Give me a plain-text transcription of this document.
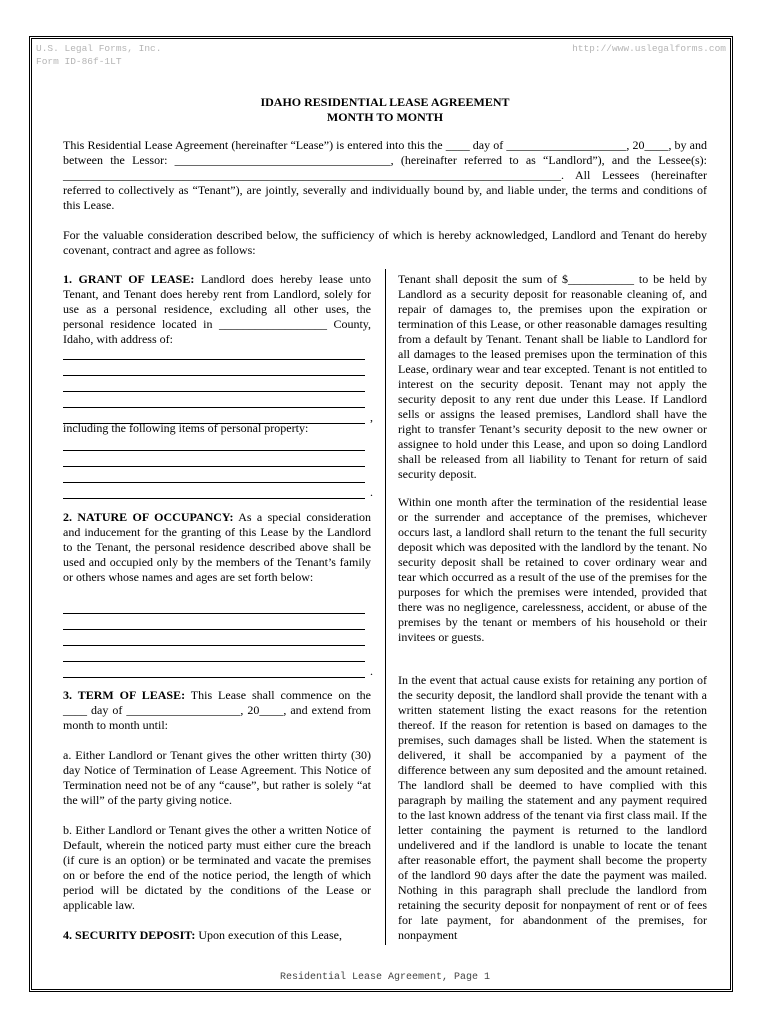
U.S. Legal Forms, Inc.
Form ID-86f-1LT
http://www.uslegalforms.com
IDAHO RESIDENTIAL LEASE AGREEMENT
MONTH TO MONTH

This Residential Lease Agreement (hereinafter “Lease”) is entered into this the ____ day of ____________________, 20____, by and between the Lessor: ____________________________________, (hereinafter referred to as “Landlord”), and the Lessee(s): ___________________________________________________________________________________. All Lessees (hereinafter referred to collectively as “Tenant”), are jointly, severally and individually bound by, and liable under, the terms and conditions of this Lease.

For the valuable consideration described below, the sufficiency of which is hereby acknowledged, Landlord and Tenant do hereby covenant, contract and agree as follows:

1. GRANT OF LEASE: Landlord does hereby lease unto Tenant, and Tenant does hereby rent from Landlord, solely for use as a personal residence, excluding all other uses, the personal residence located in __________________ County, Idaho, with address of:

,

including the following items of personal property:

.

2. NATURE OF OCCUPANCY: As a special consideration and inducement for the granting of this Lease by the Landlord to the Tenant, the personal residence described above shall be used and occupied only by the members of the Tenant’s family or others whose names and ages are set forth below:

.

3. TERM OF LEASE: This Lease shall commence on the ____ day of ___________________, 20____, and extend from month to month until:

a. Either Landlord or Tenant gives the other written thirty (30) day Notice of Termination of Lease Agreement. This Notice of Termination need not be of any “cause”, but rather is solely “at the will” of the party giving notice.

b. Either Landlord or Tenant gives the other a written Notice of Default, wherein the noticed party must either cure the breach (if cure is an option) or be terminated and vacate the premises on or before the end of the notice period, the length of which period will be dictated by the conditions of the Lease or applicable law.

4. SECURITY DEPOSIT: Upon execution of this Lease,

Tenant shall deposit the sum of $___________ to be held by Landlord as a security deposit for reasonable cleaning of, and repair of damages to, the premises upon the expiration or termination of this Lease, or other reasonable damages resulting from a default by Tenant. Tenant shall be liable to Landlord for all damages to the leased premises upon the termination of this Lease, ordinary wear and tear excepted. Tenant is not entitled to interest on the security deposit. Tenant may not apply the security deposit to any rent due under this Lease. If Landlord sells or assigns the leased premises, Landlord shall have the right to transfer Tenant’s security deposit to the new owner or assignee to hold under this Lease, and upon so doing Landlord shall be released from all liability to Tenant for return of said security deposit.

Within one month after the termination of the residential lease or the surrender and acceptance of the premises, whichever occurs last, a landlord shall return to the tenant the full security deposit which was deposited with the landlord by the tenant. No security deposit shall be retained to cover ordinary wear and tear which occurred as a result of the use of the premises for the purposes for which the premises were intended, provided that there was no negligence, carelessness, accident, or abuse of the premises by the tenant or members of his household or their invitees or guests.

In the event that actual cause exists for retaining any portion of the security deposit, the landlord shall provide the tenant with a written statement listing the exact reasons for the retention thereof. If the reason for retention is based on damages to the premises, such damages shall be listed. When the statement is delivered, it shall be accompanied by a payment of the difference between any sum deposited and the amount retained. The landlord shall be deemed to have complied with this paragraph by mailing the statement and any payment required to the last known address of the tenant via first class mail. If the letter containing the payment is returned to the landlord undelivered and if the landlord is unable to locate the tenant after reasonable effort, the payment shall become the property of the landlord 90 days after the date the payment was mailed. Nothing in this paragraph shall preclude the landlord from retaining the security deposit for nonpayment of rent or of fees for late payment, for abandonment of the premises, for nonpayment

Residential Lease Agreement, Page 1
